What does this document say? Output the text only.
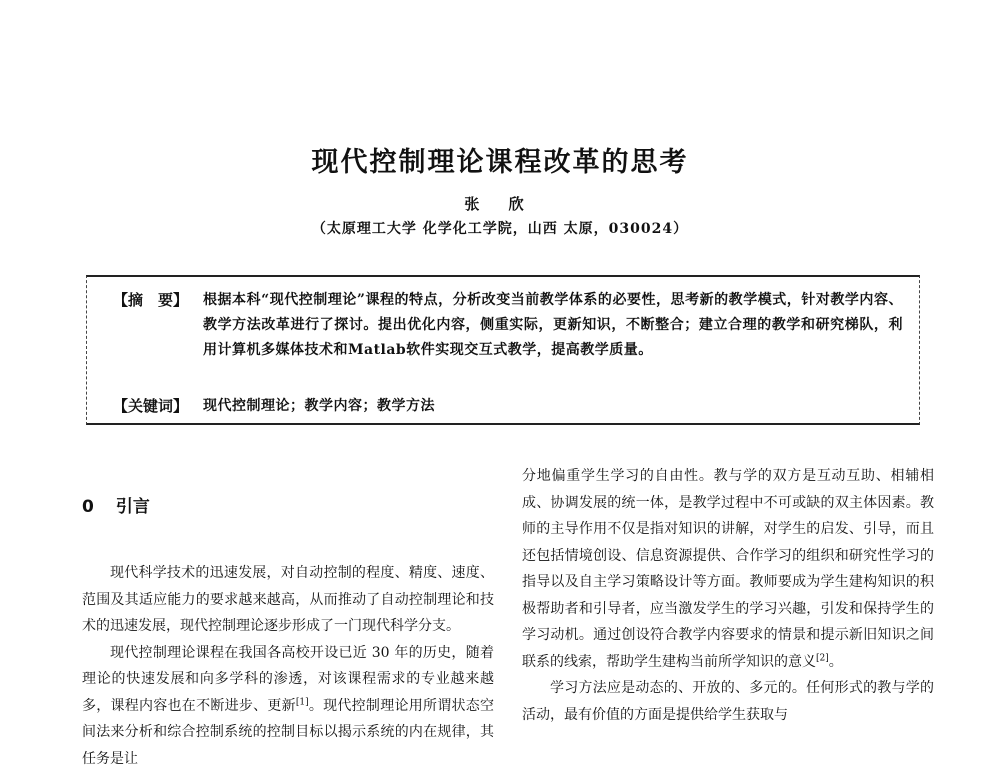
现代控制理论课程改革的思考
张 欣
（太原理工大学 化学化工学院，山西 太原，030024）
【摘　要】 根据本科“现代控制理论”课程的特点，分析改变当前教学体系的必要性，思考新的教学模式，针对教学内容、教学方法改革进行了探讨。提出优化内容，侧重实际，更新知识，不断整合；建立合理的教学和研究梯队，利用计算机多媒体技术和Matlab软件实现交互式教学，提高教学质量。
【关键词】 现代控制理论；教学内容；教学方法
0 引言

现代科学技术的迅速发展，对自动控制的程度、精度、速度、范围及其适应能力的要求越来越高，从而推动了自动控制理论和技术的迅速发展，现代控制理论逐步形成了一门现代科学分支。

现代控制理论课程在我国各高校开设已近 30 年的历史，随着理论的快速发展和向多学科的渗透，对该课程需求的专业越来越多，课程内容也在不断进步、更新[1]。现代控制理论用所谓状态空间法来分析和综合控制系统的控制目标以揭示系统的内在规律，其任务是让

分地偏重学生学习的自由性。教与学的双方是互动互助、相辅相成、协调发展的统一体，是教学过程中不可或缺的双主体因素。教师的主导作用不仅是指对知识的讲解，对学生的启发、引导，而且还包括情境创设、信息资源提供、合作学习的组织和研究性学习的指导以及自主学习策略设计等方面。教师要成为学生建构知识的积极帮助者和引导者，应当激发学生的学习兴趣，引发和保持学生的学习动机。通过创设符合教学内容要求的情景和提示新旧知识之间联系的线索，帮助学生建构当前所学知识的意义[2]。

学习方法应是动态的、开放的、多元的。任何形式的教与学的活动，最有价值的方面是提供给学生获取与
